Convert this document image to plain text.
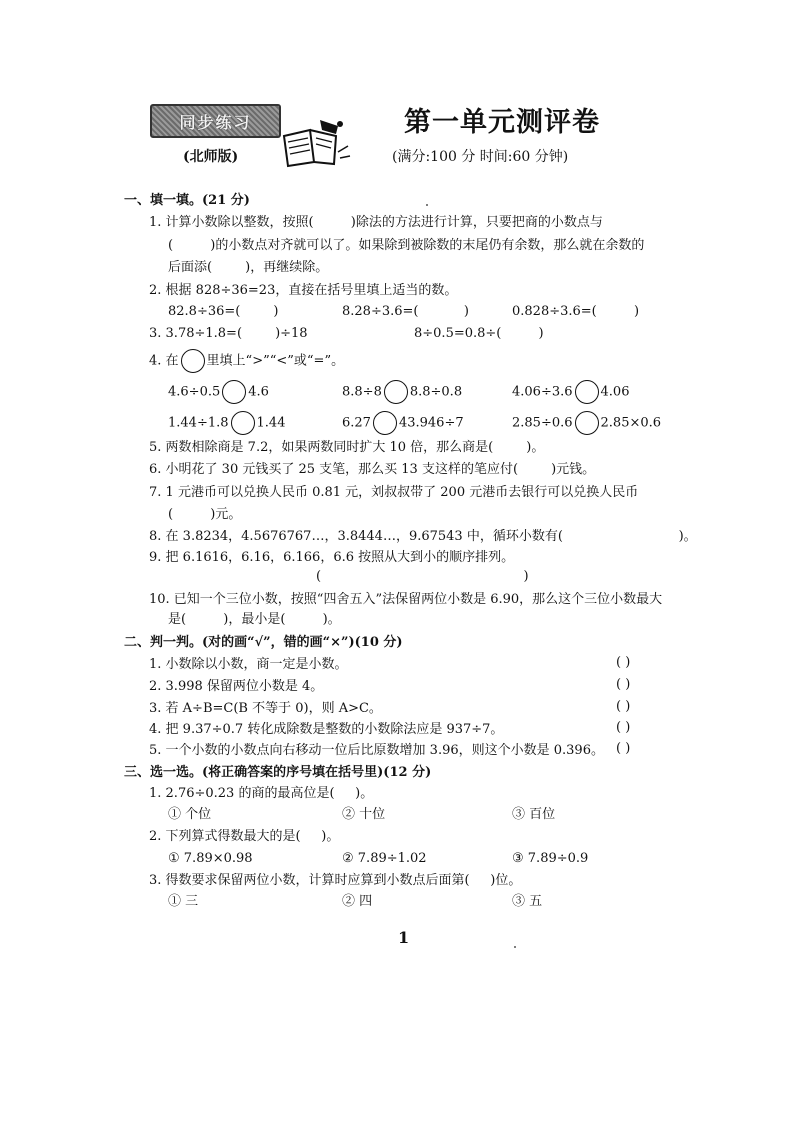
同步练习
(北师版)
第一单元测评卷
(满分:100 分 时间:60 分钟)
一、填一填。(21 分)
1. 计算小数除以整数，按照(         )除法的方法进行计算，只要把商的小数点与
(         )的小数点对齐就可以了。如果除到被除数的末尾仍有余数，那么就在余数的
后面添(        )，再继续除。
2. 根据 828÷36=23，直接在括号里填上适当的数。
82.8÷36=(        )	8.28÷3.6=(           )	0.828÷3.6=(         )
3. 3.78÷1.8=(        )÷18	8÷0.5=0.8÷(         )
4. 在 里填上“>”“<”或“=”。
4.6÷0.5 4.6	8.8÷8 8.8÷0.8	4.06÷3.6 4.06
1.44÷1.8 1.44	6.27 43.946÷7	2.85÷0.6 2.85×0.6
5. 两数相除商是 7.2，如果两数同时扩大 10 倍，那么商是(        )。
6. 小明花了 30 元钱买了 25 支笔，那么买 13 支这样的笔应付(        )元钱。
7. 1 元港币可以兑换人民币 0.81 元，刘叔叔带了 200 元港币去银行可以兑换人民币
(         )元。
8. 在 3.8234，4.5676767…，3.8444…，9.67543 中，循环小数有(                            )。
9. 把 6.1616，6.16，6.166，6.6 按照从大到小的顺序排列。
(                                                 )
10. 已知一个三位小数，按照“四舍五入”法保留两位小数是 6.90，那么这个三位小数最大
是(         )，最小是(         )。
二、判一判。(对的画“√”，错的画“×”)(10 分)
1. 小数除以小数，商一定是小数。	( )
2. 3.998 保留两位小数是 4。	( )
3. 若 A÷B=C(B 不等于 0)，则 A>C。	( )
4. 把 9.37÷0.7 转化成除数是整数的小数除法应是 937÷7。	( )
5. 一个小数的小数点向右移动一位后比原数增加 3.96，则这个小数是 0.396。 ( )
三、选一选。(将正确答案的序号填在括号里)(12 分)
1. 2.76÷0.23 的商的最高位是(     )。
① 个位	② 十位	③ 百位
2. 下列算式得数最大的是(     )。
① 7.89×0.98	② 7.89÷1.02	③ 7.89÷0.9
3. 得数要求保留两位小数，计算时应算到小数点后面第(     )位。
① 三	② 四	③ 五
1
